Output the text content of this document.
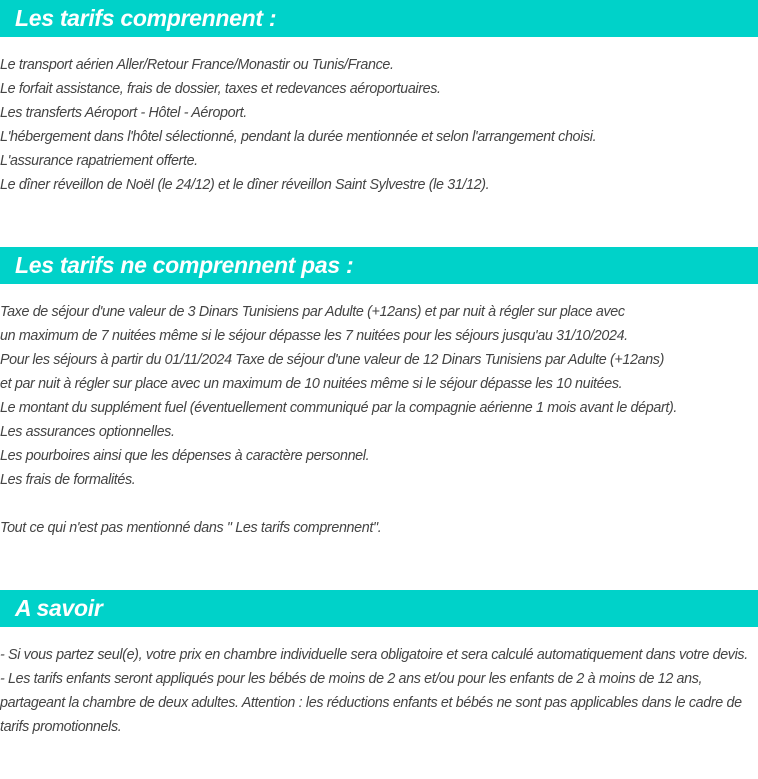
Les tarifs comprennent :
Le transport aérien Aller/Retour France/Monastir ou Tunis/France.
Le forfait assistance, frais de dossier, taxes et redevances aéroportuaires.
Les transferts Aéroport - Hôtel - Aéroport.
L'hébergement dans l'hôtel sélectionné, pendant la durée mentionnée et selon l'arrangement choisi.
L'assurance rapatriement offerte.
Le dîner réveillon de Noël (le 24/12) et le dîner réveillon Saint Sylvestre (le 31/12).
Les tarifs ne comprennent pas :
Taxe de séjour d'une valeur de 3 Dinars Tunisiens par Adulte (+12ans) et par nuit à régler sur place avec
un maximum de 7 nuitées même si le séjour dépasse les 7 nuitées pour les séjours jusqu'au 31/10/2024.
Pour les séjours à partir du 01/11/2024 Taxe de séjour d'une valeur de 12 Dinars Tunisiens par Adulte (+12ans)
et par nuit à régler sur place avec un maximum de 10 nuitées même si le séjour dépasse les 10 nuitées.
Le montant du supplément fuel (éventuellement communiqué par la compagnie aérienne 1 mois avant le départ).
Les assurances optionnelles.
Les pourboires ainsi que les dépenses à caractère personnel.
Les frais de formalités.
Tout ce qui n'est pas mentionné dans " Les tarifs comprennent".
A savoir
- Si vous partez seul(e), votre prix en chambre individuelle sera obligatoire et sera calculé automatiquement dans votre devis.
- Les tarifs enfants seront appliqués pour les bébés de moins de 2 ans et/ou pour les enfants de 2 à moins de 12 ans, partageant la chambre de deux adultes. Attention : les réductions enfants et bébés ne sont pas applicables dans le cadre de tarifs promotionnels.
